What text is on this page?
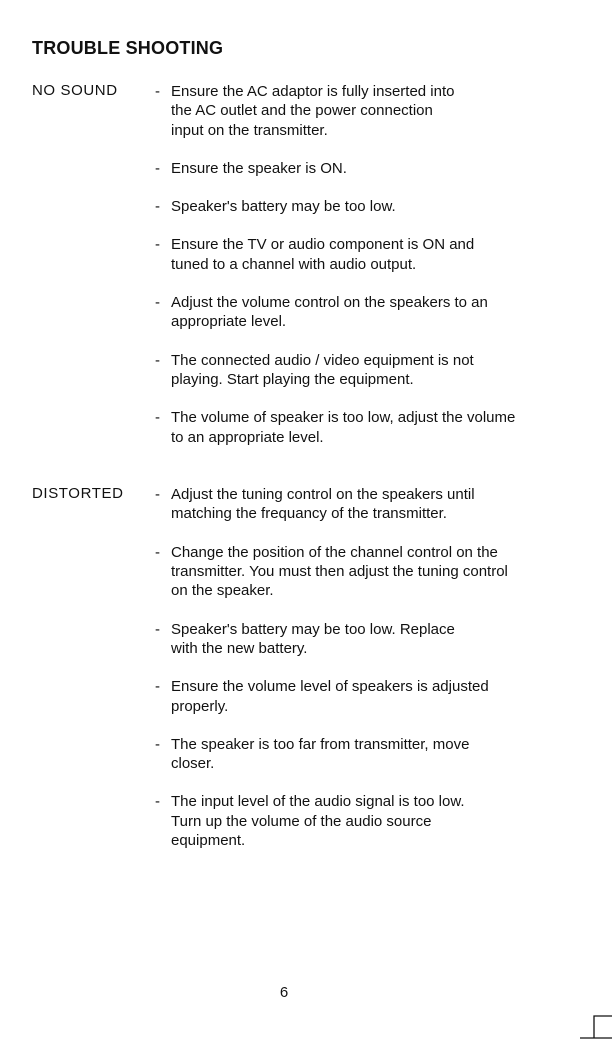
TROUBLE SHOOTING
NO SOUND - Ensure the AC adaptor is fully inserted into
the AC outlet and the power connection
input on the transmitter.
- Ensure the speaker is ON.
- Speaker's battery may be too low.
- Ensure the TV or audio component is ON and
tuned to a channel with audio output.
- Adjust the volume control on the speakers to an
appropriate level.
- The connected audio / video equipment is not
playing. Start playing the equipment.
- The volume of speaker is too low, adjust the volume
to an appropriate level.
DISTORTED - Adjust the tuning control on the speakers until
matching the frequancy of the transmitter.
- Change the position of the channel control on the
transmitter. You must then adjust the tuning control
on the speaker.
- Speaker's battery may be too low. Replace
with the new battery.
- Ensure the volume level of speakers is adjusted
properly.
- The speaker is too far from transmitter, move
closer.
- The input level of the audio signal is too low.
Turn up the volume of the audio source
equipment.
6
